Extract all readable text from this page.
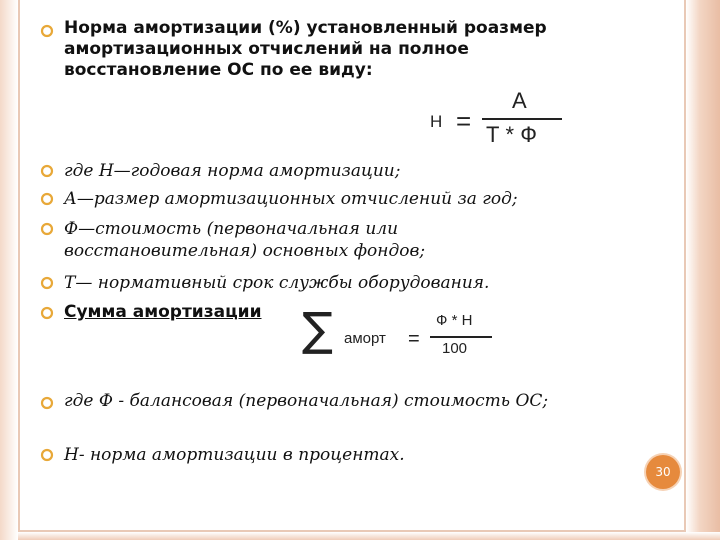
Норма амортизации (%) установленный роазмер амортизационных отчислений на полное восстановление ОС по ее виду:
Н =
А
Т * Ф
где Н—годовая норма амортизации;
А—размер амортизационных отчислений за год;
Ф—стоимость (первоначальная или восстановительная) основных фондов;
Т— нормативный срок службы оборудования.
Сумма амортизации ∑ аморт =
Ф * Н
100
где Ф - балансовая (первоначальная) стоимость ОС;
Н- норма амортизации в процентах.
30
